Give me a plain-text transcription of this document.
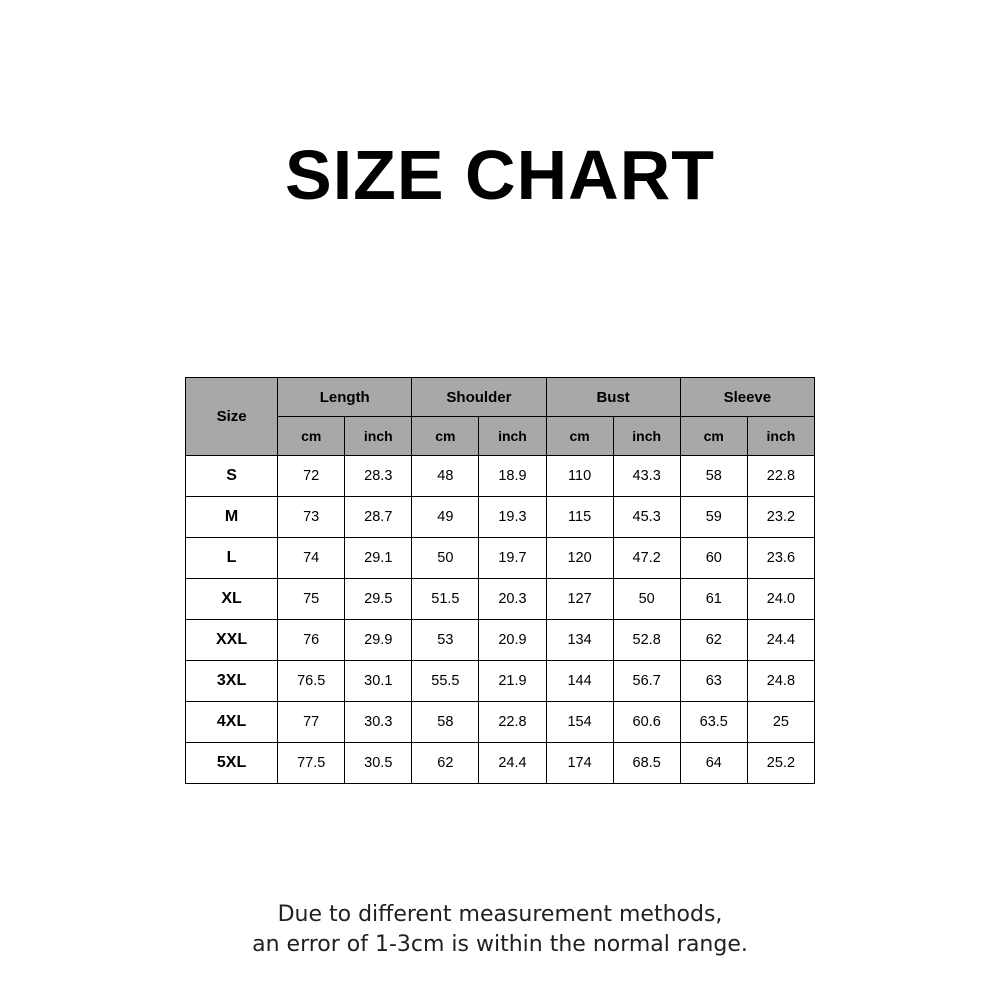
SIZE CHART
Size	Length		Shoulder		Bust		Sleeve	
	cm	inch	cm	inch	cm	inch	cm	inch
S	72	28.3	48	18.9	110	43.3	58	22.8
M	73	28.7	49	19.3	115	45.3	59	23.2
L	74	29.1	50	19.7	120	47.2	60	23.6
XL	75	29.5	51.5	20.3	127	50	61	24.0
XXL	76	29.9	53	20.9	134	52.8	62	24.4
3XL	76.5	30.1	55.5	21.9	144	56.7	63	24.8
4XL	77	30.3	58	22.8	154	60.6	63.5	25
5XL	77.5	30.5	62	24.4	174	68.5	64	25.2
Due to different measurement methods,
an error of 1-3cm is within the normal range.
